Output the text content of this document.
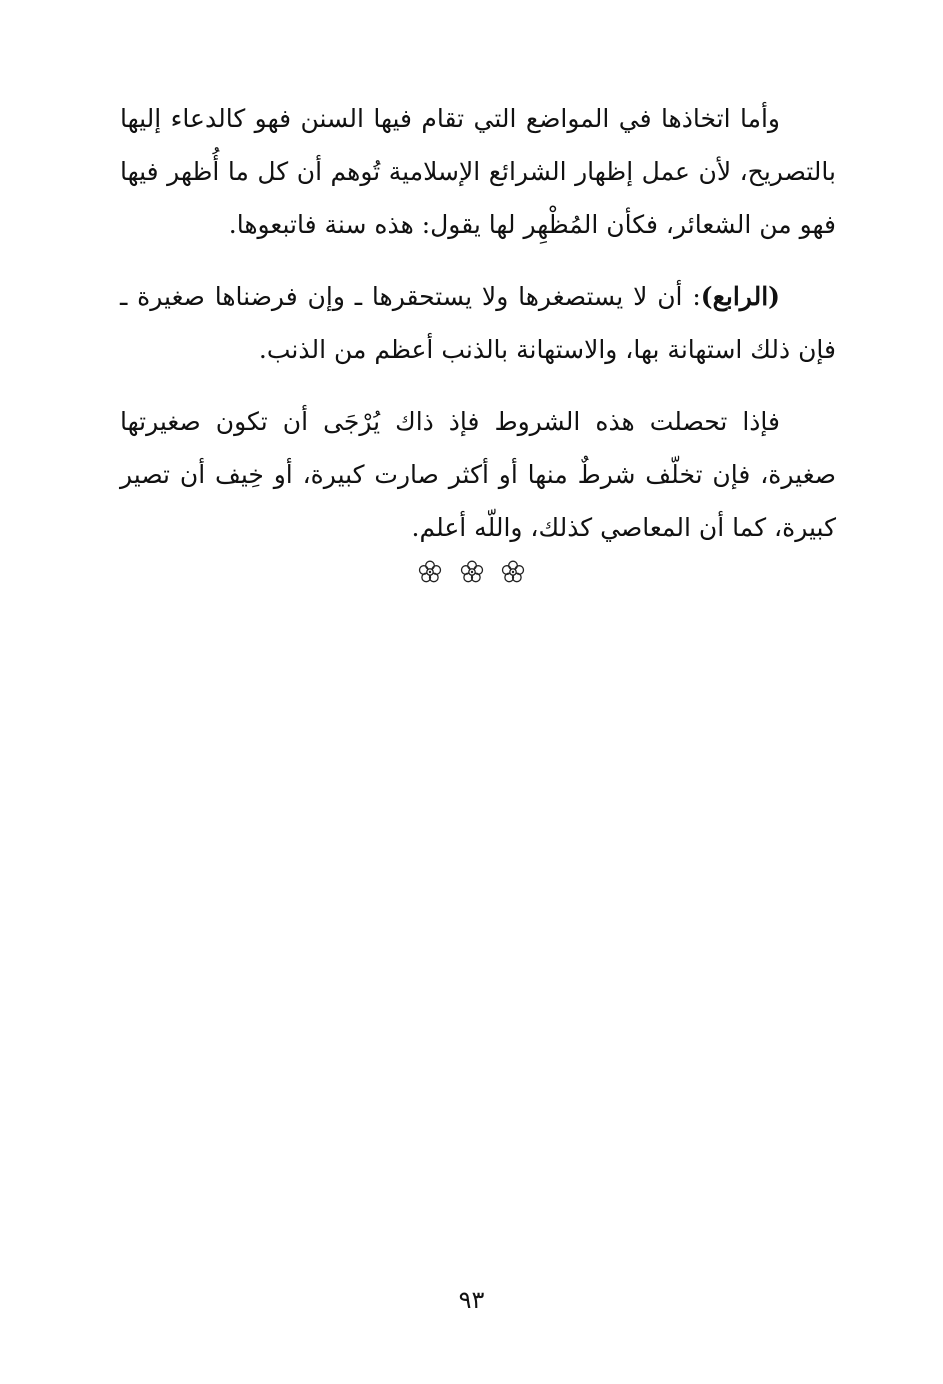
وأما اتخاذها في المواضع التي تقام فيها السنن فهو كالدعاء إليها بالتصريح، لأن عمل إظهار الشرائع الإسلامية تُوهم أن كل ما أُظهر فيها فهو من الشعائر، فكأن المُظْهِر لها يقول: هذه سنة فاتبعوها.

(الرابع): أن لا يستصغرها ولا يستحقرها ـ وإن فرضناها صغيرة ـ فإن ذلك استهانة بها، والاستهانة بالذنب أعظم من الذنب.

فإذا تحصلت هذه الشروط فإذ ذاك يُرْجَى أن تكون صغيرتها صغيرة، فإن تخلّف شرطٌ منها أو أكثر صارت كبيرة، أو خِيف أن تصير كبيرة، كما أن المعاصي كذلك، واللّه أعلم.

٩٣
